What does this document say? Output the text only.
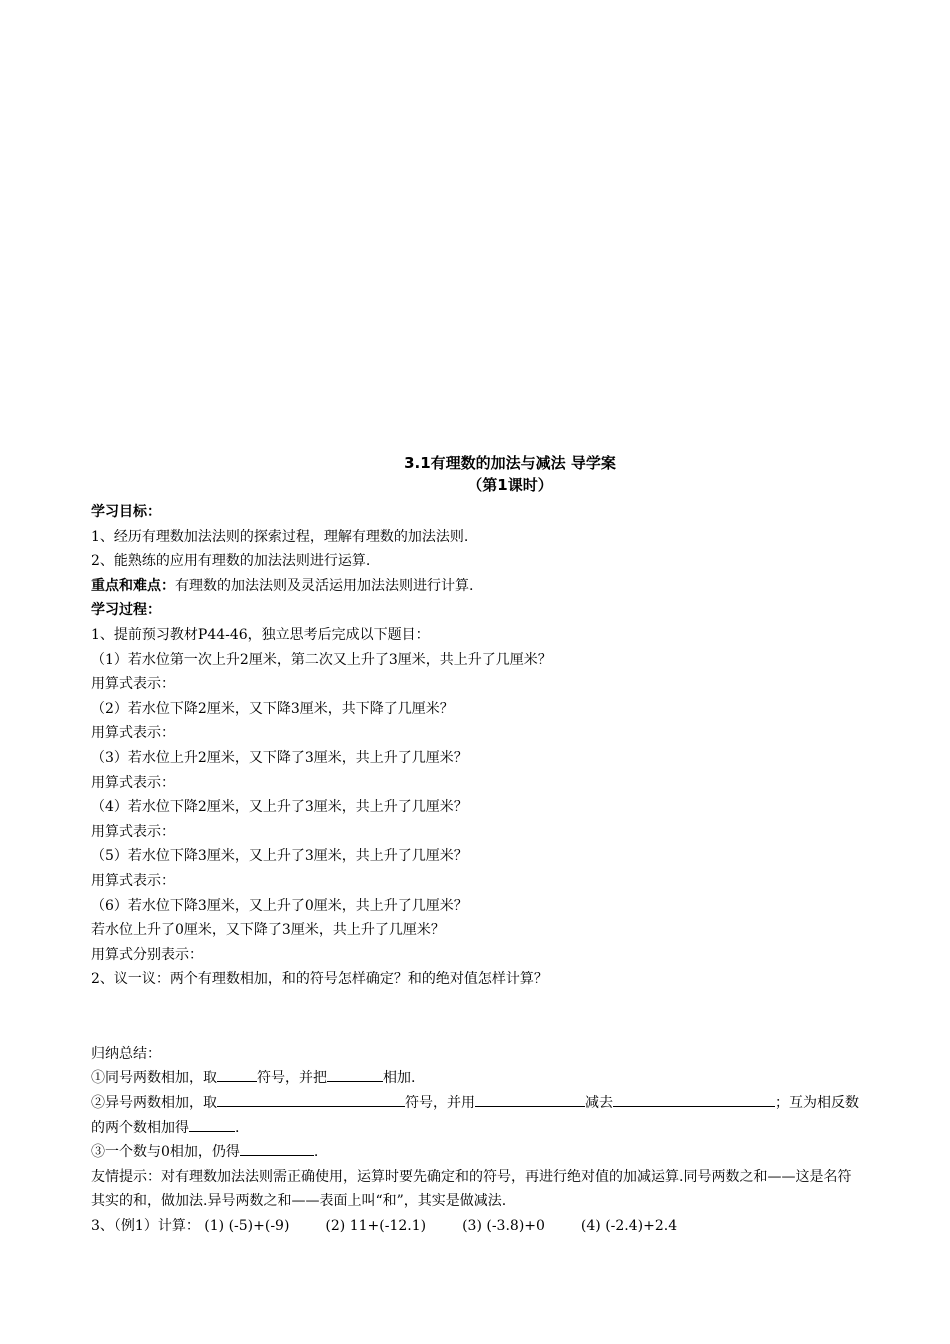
3.1有理数的加法与减法 导学案
（第1课时）
学习目标：
1、经历有理数加法法则的探索过程，理解有理数的加法法则.
2、能熟练的应用有理数的加法法则进行运算.
重点和难点：有理数的加法法则及灵活运用加法法则进行计算.
学习过程：
1、提前预习教材P44-46，独立思考后完成以下题目：
（1）若水位第一次上升2厘米，第二次又上升了3厘米，共上升了几厘米？
用算式表示：
（2）若水位下降2厘米，又下降3厘米，共下降了几厘米？
用算式表示：
（3）若水位上升2厘米，又下降了3厘米，共上升了几厘米？
用算式表示：
（4）若水位下降2厘米，又上升了3厘米，共上升了几厘米？
用算式表示：
（5）若水位下降3厘米，又上升了3厘米，共上升了几厘米？
用算式表示：
（6）若水位下降3厘米，又上升了0厘米，共上升了几厘米？
若水位上升了0厘米，又下降了3厘米，共上升了几厘米？
用算式分别表示：
2、议一议：两个有理数相加，和的符号怎样确定？和的绝对值怎样计算？
归纳总结：
①同号两数相加，取	符号，并把	相加.
②异号两数相加，取	符号，并用	减去	；互为相反数的两个数相加得	.
③一个数与0相加，仍得	.
友情提示：对有理数加法法则需正确使用，运算时要先确定和的符号，再进行绝对值的加减运算.同号两数之和——这是名符其实的和，做加法.异号两数之和——表面上叫“和”，其实是做减法.
3、（例1）计算： (1) (-5)+(-9)	(2) 11+(-12.1)	(3) (-3.8)+0	(4) (-2.4)+2.4
